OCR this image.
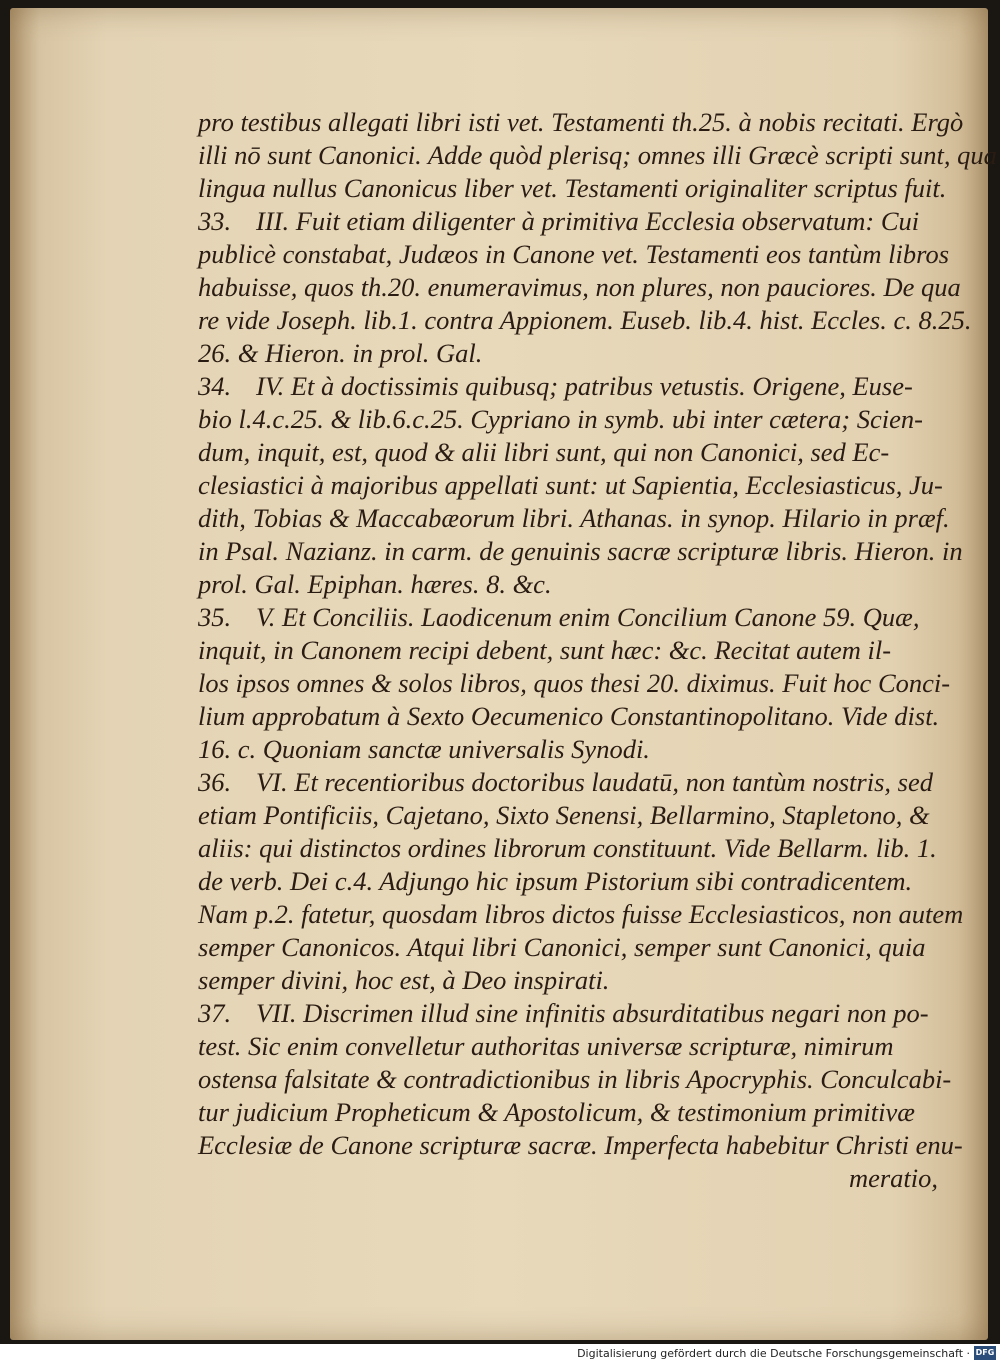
pro testibus allegati libri isti vet. Testamenti th.25. à nobis recitati. Ergò
illi nō sunt Canonici. Adde quòd plerisq; omnes illi Græcè scripti sunt, qua
lingua nullus Canonicus liber vet. Testamenti originaliter scriptus fuit.
33. III. Fuit etiam diligenter à primitiva Ecclesia observatum: Cui
publicè constabat, Judæos in Canone vet. Testamenti eos tantùm libros
habuisse, quos th.20. enumeravimus, non plures, non pauciores. De qua
re vide Joseph. lib.1. contra Appionem. Euseb. lib.4. hist. Eccles. c. 8.25.
26. & Hieron. in prol. Gal.
34. IV. Et à doctissimis quibusq; patribus vetustis. Origene, Euse-
bio l.4.c.25. & lib.6.c.25. Cypriano in symb. ubi inter cætera; Scien-
dum, inquit, est, quod & alii libri sunt, qui non Canonici, sed Ec-
clesiastici à majoribus appellati sunt: ut Sapientia, Ecclesiasticus, Ju-
dith, Tobias & Maccabæorum libri. Athanas. in synop. Hilario in præf.
in Psal. Nazianz. in carm. de genuinis sacræ scripturæ libris. Hieron. in
prol. Gal. Epiphan. hæres. 8. &c.
35. V. Et Conciliis. Laodicenum enim Concilium Canone 59. Quæ,
inquit, in Canonem recipi debent, sunt hæc: &c. Recitat autem il-
los ipsos omnes & solos libros, quos thesi 20. diximus. Fuit hoc Conci-
lium approbatum à Sexto Oecumenico Constantinopolitano. Vide dist.
16. c. Quoniam sanctæ universalis Synodi.
36. VI. Et recentioribus doctoribus laudatū, non tantùm nostris, sed
etiam Pontificiis, Cajetano, Sixto Senensi, Bellarmino, Stapletono, &
aliis: qui distinctos ordines librorum constituunt. Vide Bellarm. lib. 1.
de verb. Dei c.4. Adjungo hic ipsum Pistorium sibi contradicentem.
Nam p.2. fatetur, quosdam libros dictos fuisse Ecclesiasticos, non autem
semper Canonicos. Atqui libri Canonici, semper sunt Canonici, quia
semper divini, hoc est, à Deo inspirati.
37. VII. Discrimen illud sine infinitis absurditatibus negari non po-
test. Sic enim convelletur authoritas universæ scripturæ, nimirum
ostensa falsitate & contradictionibus in libris Apocryphis. Conculcabi-
tur judicium Propheticum & Apostolicum, & testimonium primitivæ
Ecclesiæ de Canone scripturæ sacræ. Imperfecta habebitur Christi enu-
meratio,
Digitalisierung gefördert durch die Deutsche Forschungsgemeinschaft · DFG
